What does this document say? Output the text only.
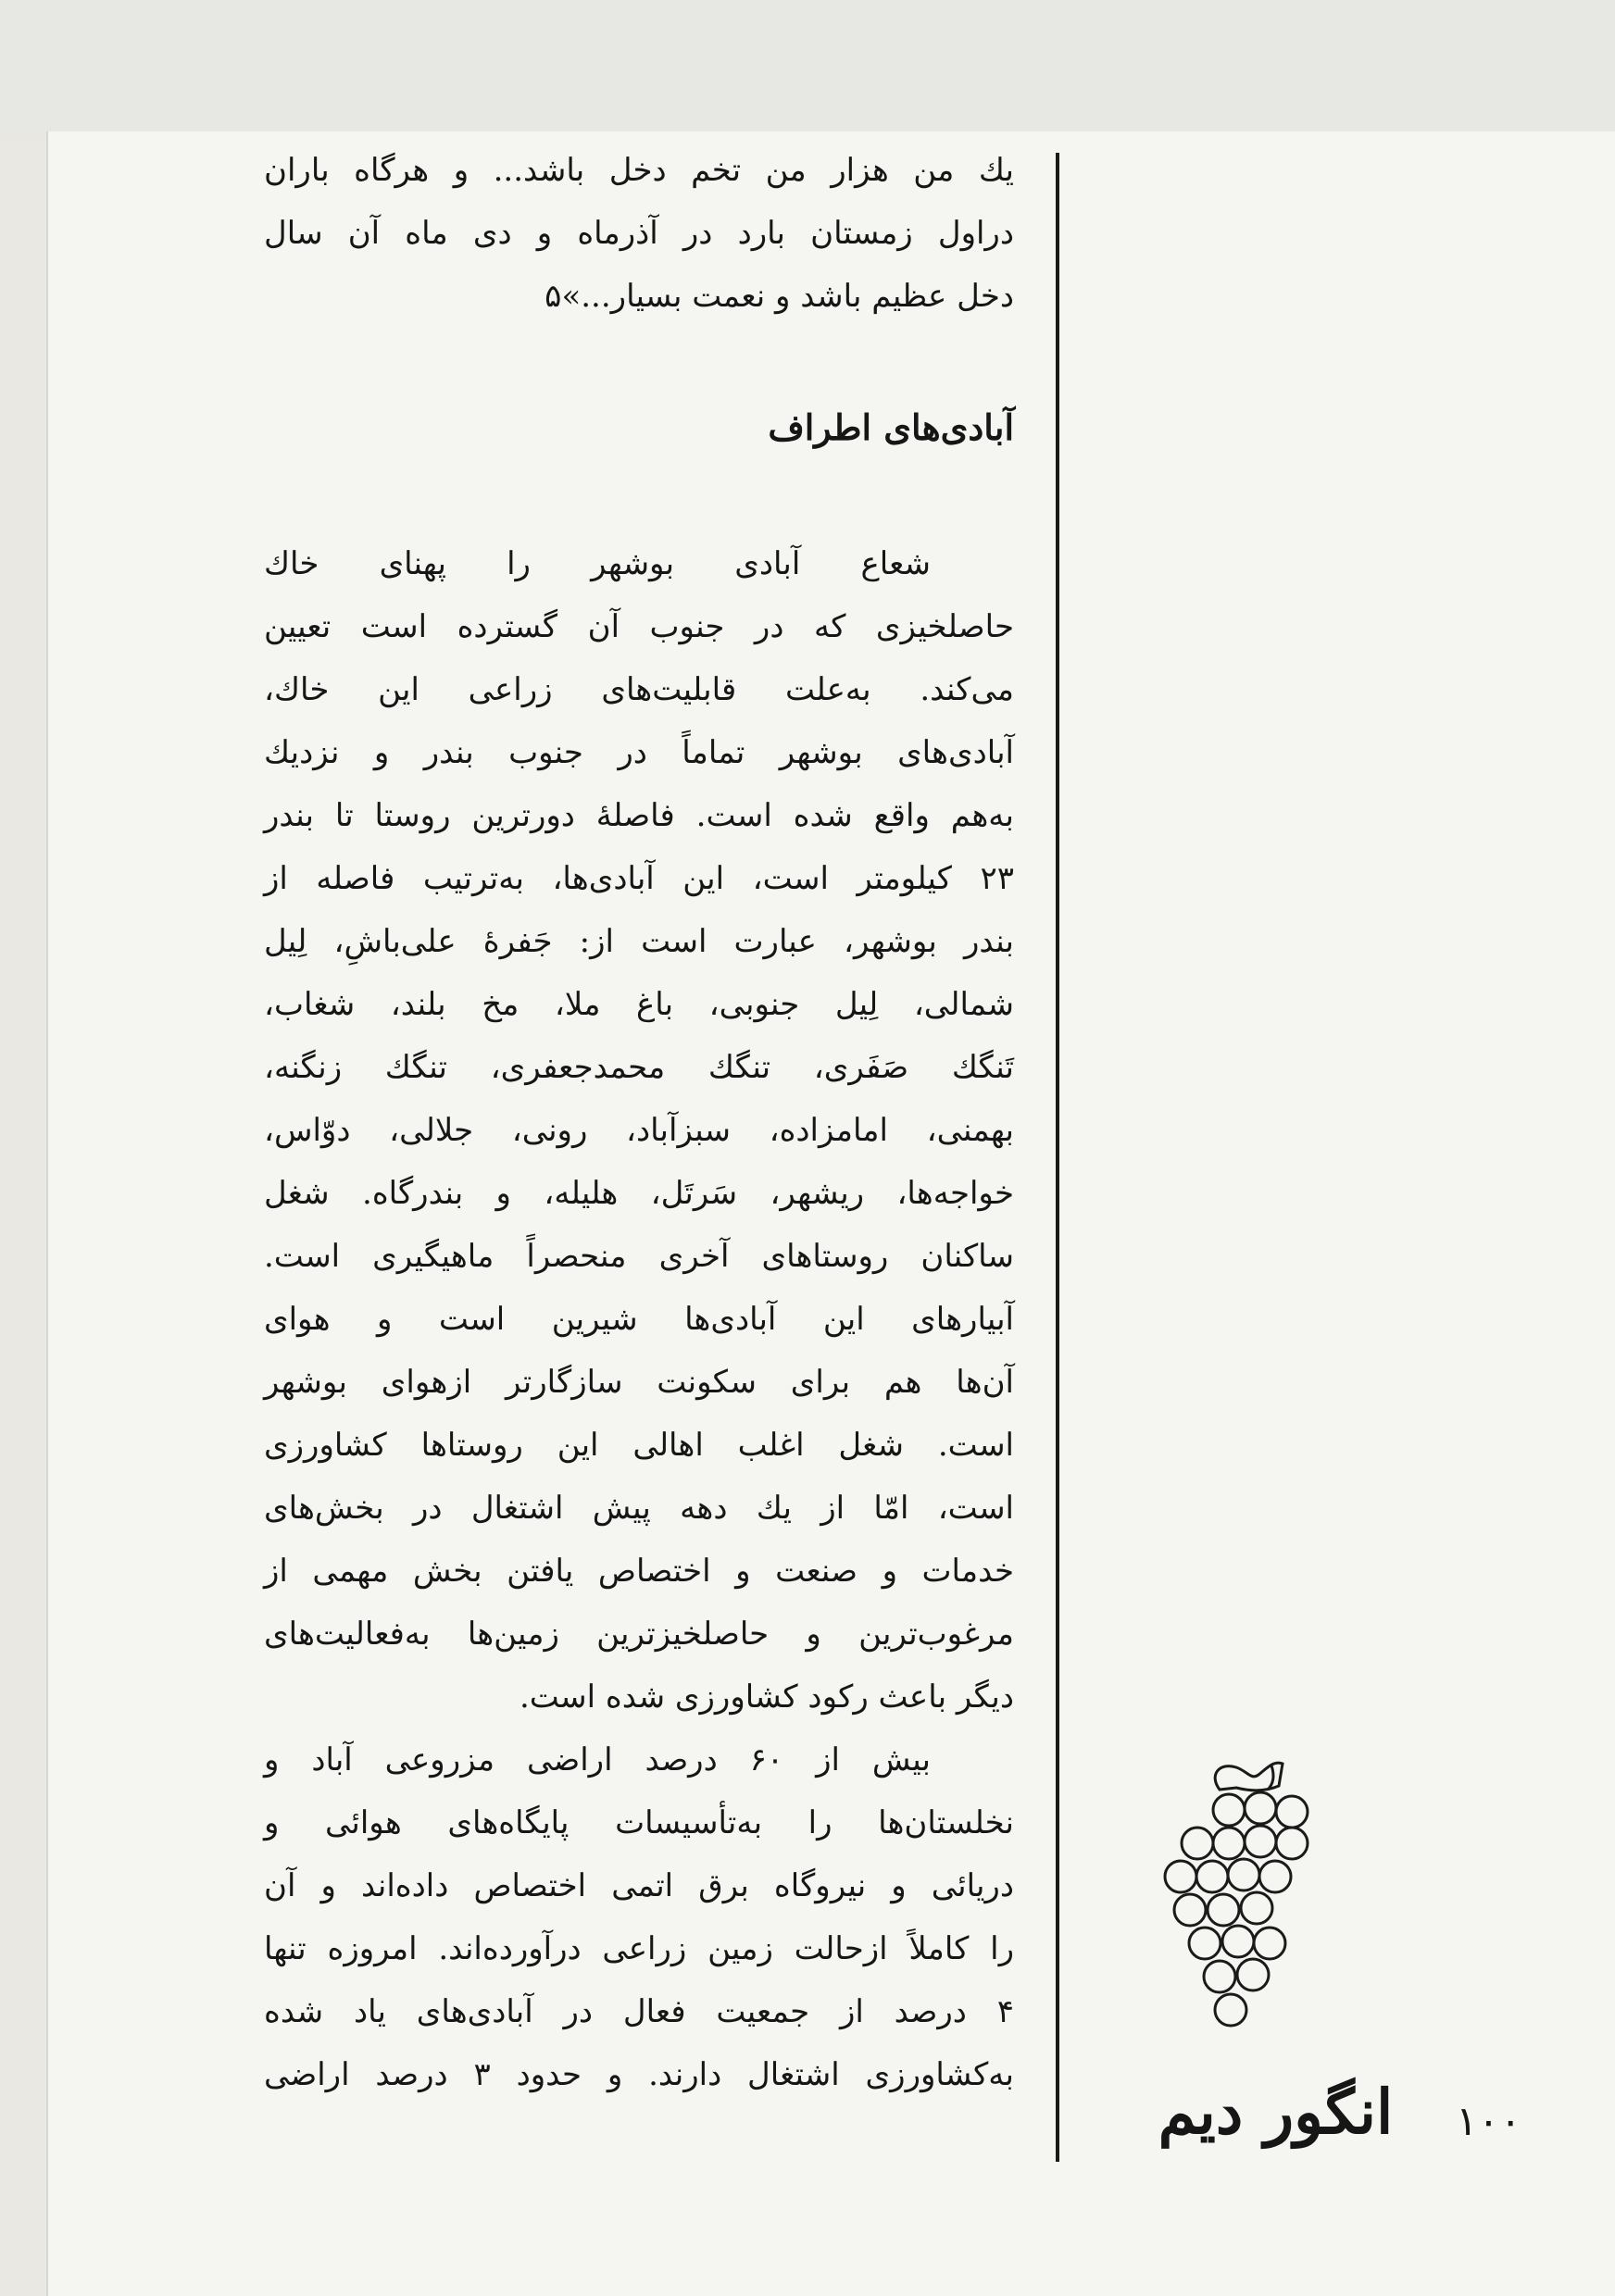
یك من هزار من تخم دخل باشد... و هرگاه باران

دراول زمستان بارد در آذرماه و دی ماه آن سال

دخل عظیم باشد و نعمت بسیار...»۵

آبادی‌های اطراف

شعاع آبادی بوشهر را پهنای خاك

حاصلخیزی که در جنوب آن گسترده است تعیین

می‌کند. به‌علت قابلیت‌های زراعی این خاك،

آبادی‌های بوشهر تماماً در جنوب بندر و نزدیك

به‌هم واقع شده است. فاصلهٔ دورترین روستا تا بندر

۲۳ کیلومتر است، این آبادی‌ها، به‌ترتیب فاصله از

بندر بوشهر، عبارت است از: جَفرهٔ علی‌باشِ، لِیل

شمالی، لِیل جنوبی، باغ ملا، مخ بلند، شغاب،

تَنگك صَفَری، تنگك محمدجعفری، تنگك زنگنه،

بهمنی، امامزاده، سبزآباد، رونی، جلالی، دوّاس،

خواجه‌ها، ریشهر، سَرتَل، هلیله، و بندرگاه. شغل

ساکنان روستاهای آخری منحصراً ماهیگیری است.

آبیارهای این آبادی‌ها شیرین است و هوای

آن‌ها هم برای سکونت سازگارتر ازهوای بوشهر

است. شغل اغلب اهالی این روستاها کشاورزی

است، امّا از یك دهه پیش اشتغال در بخش‌های

خدمات و صنعت و اختصاص یافتن بخش مهمی از

مرغوب‌ترین و حاصلخیزترین زمین‌ها به‌فعالیت‌های

دیگر باعث رکود کشاورزی شده است.

بیش از ۶۰ درصد اراضی مزروعی آباد و

نخلستان‌ها را به‌تأسیسات پایگاه‌های هوائی و

دریائی و نیروگاه برق اتمی اختصاص داده‌اند و آن

را کاملاً ازحالت زمین زراعی درآورده‌اند. امروزه تنها

۴ درصد از جمعیت فعال در آبادی‌های یاد شده

به‌کشاورزی اشتغال دارند. و حدود ۳ درصد اراضی

انگور دیم	۱۰۰
